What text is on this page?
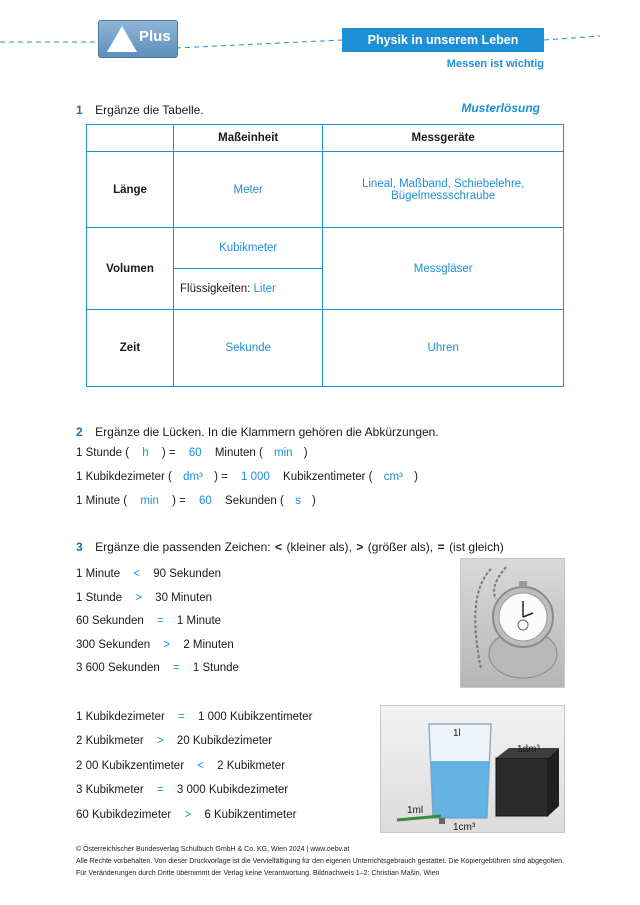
Plus	Physik in unserem Leben
Messen ist wichtig
1 Ergänze die Tabelle.	Musterlösung
	Maßeinheit	Messgeräte
Länge	Meter	Lineal, Maßband, Schiebelehre,
Bügelmessschraube
Volumen	Kubikmeter	Messgläser
	Flüssigkeiten: Liter	
Zeit	Sekunde	Uhren
2 Ergänze die Lücken. In die Klammern gehören die Abkürzungen.
1 Stunde ( h ) = 60 Minuten ( min )
1 Kubikdezimeter ( dm³ ) = 1 000 Kubikzentimeter ( cm³ )
1 Minute ( min ) = 60 Sekunden ( s )
3 Ergänze die passenden Zeichen: < (kleiner als), > (größer als), = (ist gleich)
1 Minute < 90 Sekunden
1 Stunde > 30 Minuten
60 Sekunden = 1 Minute
300 Sekunden > 2 Minuten
3 600 Sekunden = 1 Stunde
1 Kubikdezimeter = 1 000 Kubikzentimeter
2 Kubikmeter > 20 Kubikdezimeter
2 00 Kubikzentimeter < 2 Kubikmeter
3 Kubikmeter = 3 000 Kubikdezimeter
60 Kubikdezimeter > 6 Kubikzentimeter
1l
1dm³
1ml
1cm³
© Österreichischer Bundesverlag Schulbuch GmbH & Co. KG, Wien 2024 | www.oebv.at
Alle Rechte vorbehalten. Von dieser Druckvorlage ist die Vervielfältigung für den eigenen Unterrichtsgebrauch gestattet. Die Kopiergebühren sind abgegolten.
Für Veränderungen durch Dritte übernimmt der Verlag keine Verantwortung. Bildnachweis 1–2: Christian Mašin, Wien
